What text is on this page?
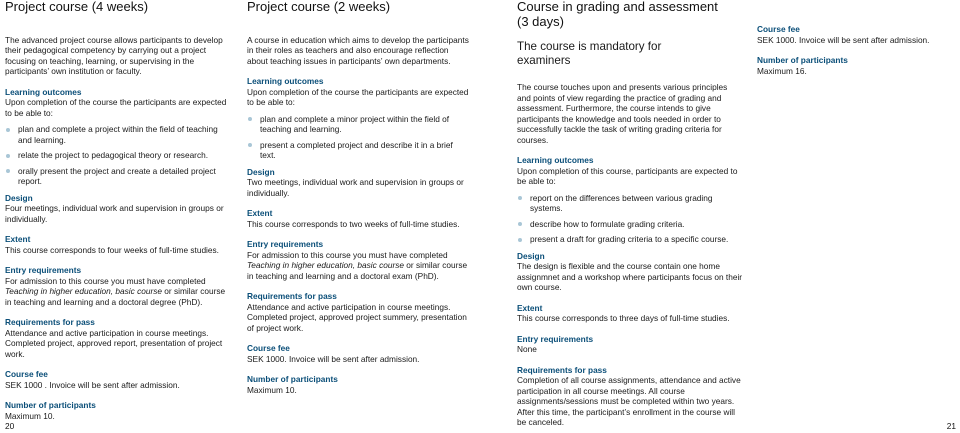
Project course (4 weeks)

The advanced project course allows participants to develop their pedagogical competency by carrying out a project focusing on teaching, learning, or supervising in the participants’ own institution or faculty.

Learning outcomes

Upon completion of the course the participants are expected to be able to:

plan and complete a project within the field of teaching and learning.
relate the project to pedagogical theory or research.
orally present the project and create a detailed project report.
Design

Four meetings, individual work and supervision in groups or individually.

Extent

This course corresponds to four weeks of full-time studies.

Entry requirements

For admission to this course you must have completed Teaching in higher education, basic course or similar course in teaching and learning and a doctoral degree (PhD).

Requirements for pass

Attendance and active participation in course meetings. Completed project, approved report, presentation of project work.

Course fee

SEK 1000 . Invoice will be sent after admission.

Number of participants

Maximum 10.

Project course (2 weeks)

A course in education which aims to develop the participants in their roles as teachers and also encourage reflection about teaching issues in participants’ own departments.

Learning outcomes

Upon completion of the course the participants are expected to be able to:

plan and complete a minor project within the field of teaching and learning.
present a completed project and describe it in a brief text.
Design

Two meetings, individual work and supervision in groups or individually.

Extent

This course corresponds to two weeks of full-time studies.

Entry requirements

For admission to this course you must have completed Teaching in higher education, basic course or similar course in teaching and learning and a doctoral exam (PhD).

Requirements for pass

Attendance and active participation in course meetings. Completed project, approved project summery, presentation of project work.

Course fee

SEK 1000. Invoice will be sent after admission.

Number of participants

Maximum 10.

Course in grading and assessment (3 days)
The course is mandatory for examiners

The course touches upon and presents various principles and points of view regarding the practice of grading and assessment. Furthermore, the course intends to give participants the knowledge and tools needed in order to successfully tackle the task of writing grading criteria for courses.

Learning outcomes

Upon completion of this course, participants are expected to be able to:

report on the differences between various grading systems.
describe how to formulate grading criteria.
present a draft for grading criteria to a specific course.
Design

The design is flexible and the course contain one home assignmnet and a workshop where participants focus on their own course.

Extent

This course corresponds to three days of full-time studies.

Entry requirements

None

Requirements for pass

Completion of all course assignments, attendance and active participation in all course meetings. All course assignments/sessions must be completed within two years. After this time, the participant’s enrollment in the course will be canceled.

Course fee

SEK 1000. Invoice will be sent after admission.

Number of participants

Maximum 16.

20	21
